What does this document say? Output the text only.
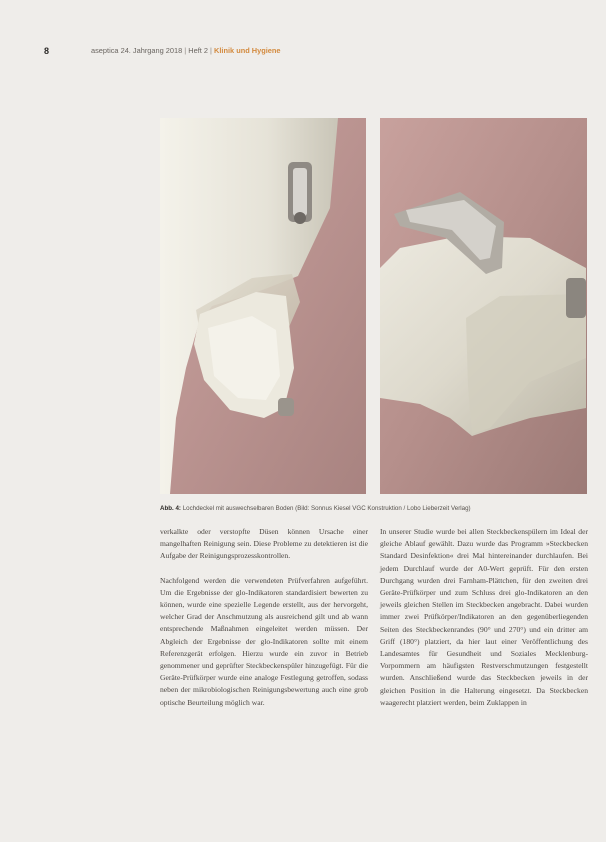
8	aseptica 24. Jahrgang 2018 | Heft 2 | Klinik und Hygiene
Abb. 4: Lochdeckel mit auswechselbaren Boden (Bild: Sonnus Kiesel VGC Konstruktion / Lobo Lieberzeit Verlag)

verkalkte oder verstopfte Düsen können Ursache einer mangelhaften Reinigung sein. Diese Probleme zu detektieren ist die Aufgabe der Reinigungsprozesskontrollen.

Nachfolgend werden die verwendeten Prüfverfahren aufgeführt. Um die Ergebnisse der glo-Indikatoren standardisiert bewerten zu können, wurde eine spezielle Legende erstellt, aus der hervorgeht, welcher Grad der Anschmutzung als ausreichend gilt und ab wann entsprechende Maßnahmen eingeleitet werden müssen. Der Abgleich der Ergebnisse der glo-Indikatoren sollte mit einem Referenzgerät erfolgen. Hierzu wurde ein zuvor in Betrieb genommener und geprüfter Steckbeckenspüler hinzugefügt. Für die Geräte-Prüfkörper wurde eine analoge Festlegung getroffen, sodass neben der mikrobiologischen Reinigungsbewertung auch eine grob optische Beurteilung möglich war.

In unserer Studie wurde bei allen Steckbeckenspülern im Ideal der gleiche Ablauf gewählt. Dazu wurde das Programm »Steckbecken Standard Desinfektion« drei Mal hintereinander durchlaufen. Bei jedem Durchlauf wurde der A0-Wert geprüft. Für den ersten Durchgang wurden drei Farnham-Plättchen, für den zweiten drei Geräte-Prüfkörper und zum Schluss drei glo-Indikatoren an den jeweils gleichen Stellen im Steckbecken angebracht. Dabei wurden immer zwei Prüfkörper/Indikatoren an den gegenüberliegenden Seiten des Steckbeckenrandes (90° und 270°) und ein dritter am Griff (180°) platziert, da hier laut einer Veröffentlichung des Landesamtes für Gesundheit und Soziales Mecklenburg-Vorpommern am häufigsten Restverschmutzungen festgestellt wurden. Anschließend wurde das Steckbecken jeweils in der gleichen Position in die Halterung eingesetzt. Da Steckbecken waagerecht platziert werden, beim Zuklappen in
